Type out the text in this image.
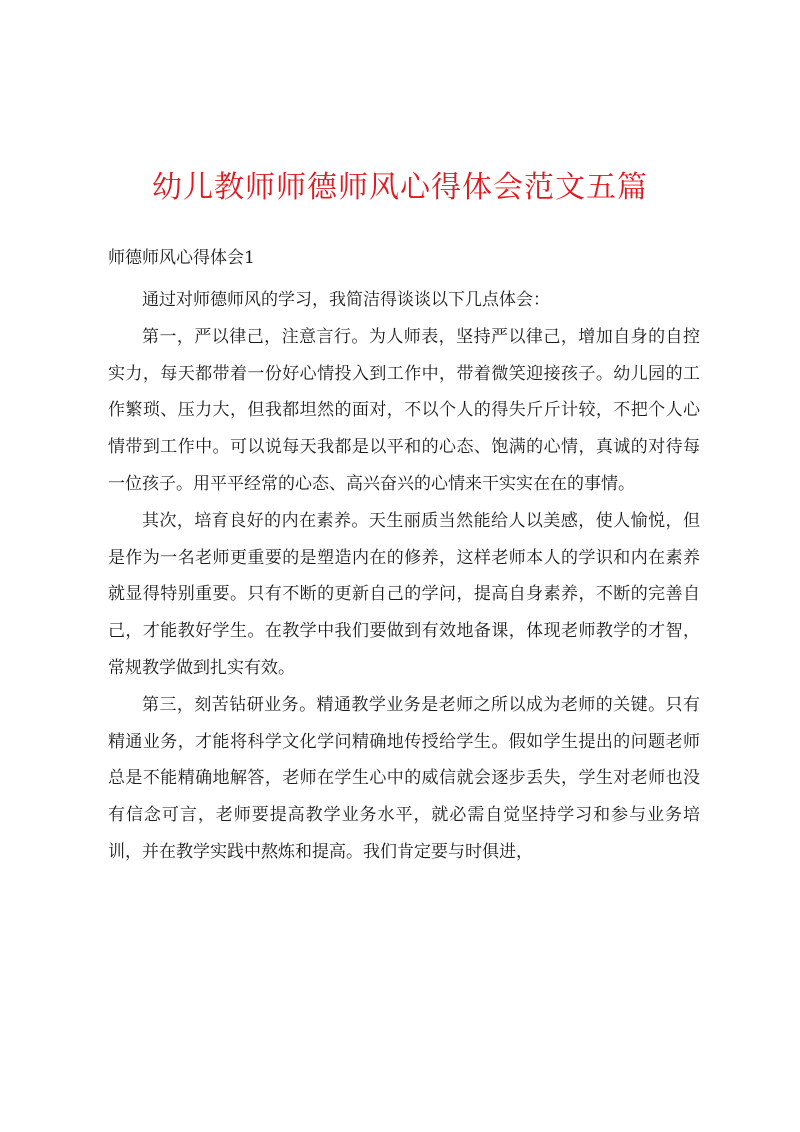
幼儿教师师德师风心得体会范文五篇
师德师风心得体会1

通过对师德师风的学习，我简洁得谈谈以下几点体会：

第一，严以律己，注意言行。为人师表，坚持严以律己，增加自身的自控实力，每天都带着一份好心情投入到工作中，带着微笑迎接孩子。幼儿园的工作繁琐、压力大，但我都坦然的面对，不以个人的得失斤斤计较，不把个人心情带到工作中。可以说每天我都是以平和的心态、饱满的心情，真诚的对待每一位孩子。用平平经常的心态、高兴奋兴的心情来干实实在在的事情。

其次，培育良好的内在素养。天生丽质当然能给人以美感，使人愉悦，但是作为一名老师更重要的是塑造内在的修养，这样老师本人的学识和内在素养就显得特别重要。只有不断的更新自己的学问，提高自身素养，不断的完善自己，才能教好学生。在教学中我们要做到有效地备课，体现老师教学的才智，常规教学做到扎实有效。

第三，刻苦钻研业务。精通教学业务是老师之所以成为老师的关键。只有精通业务，才能将科学文化学问精确地传授给学生。假如学生提出的问题老师总是不能精确地解答，老师在学生心中的威信就会逐步丢失，学生对老师也没有信念可言，老师要提高教学业务水平，就必需自觉坚持学习和参与业务培训，并在教学实践中熬炼和提高。我们肯定要与时俱进，
